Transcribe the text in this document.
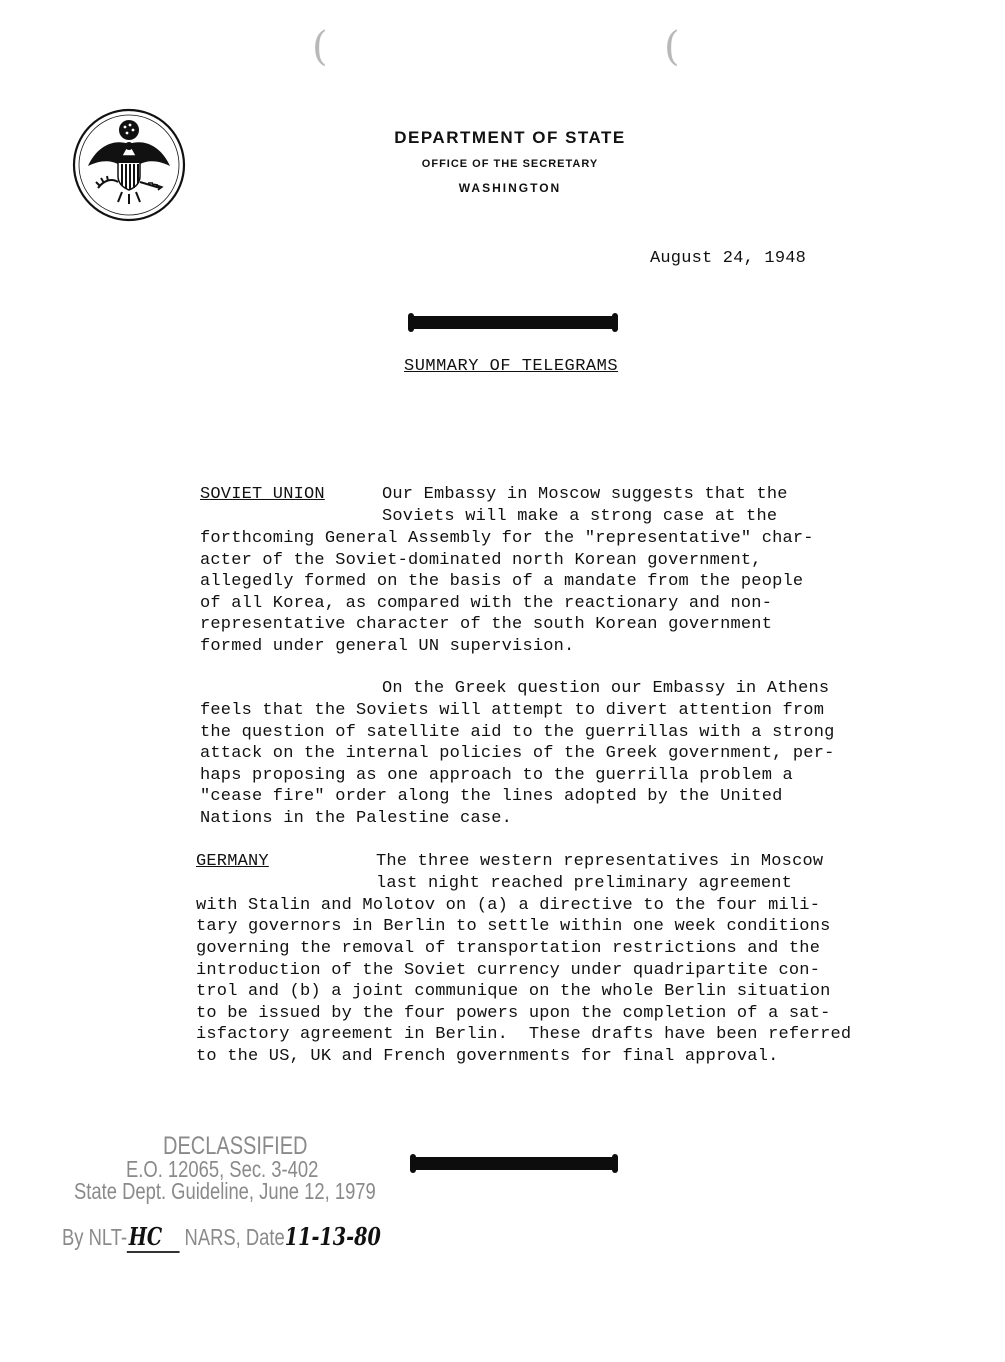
(	(
DEPARTMENT OF STATE
OFFICE OF THE SECRETARY
WASHINGTON
August 24, 1948
SUMMARY OF TELEGRAMS
SOVIET UNION	Our Embassy in Moscow suggests that the
Soviets will make a strong case at the
forthcoming General Assembly for the "representative" char-
acter of the Soviet-dominated north Korean government,
allegedly formed on the basis of a mandate from the people
of all Korea, as compared with the reactionary and non-
representative character of the south Korean government
formed under general UN supervision.
On the Greek question our Embassy in Athens
feels that the Soviets will attempt to divert attention from
the question of satellite aid to the guerrillas with a strong
attack on the internal policies of the Greek government, per-
haps proposing as one approach to the guerrilla problem a
"cease fire" order along the lines adopted by the United
Nations in the Palestine case.
GERMANY	The three western representatives in Moscow
last night reached preliminary agreement
with Stalin and Molotov on (a) a directive to the four mili-
tary governors in Berlin to settle within one week conditions
governing the removal of transportation restrictions and the
introduction of the Soviet currency under quadripartite con-
trol and (b) a joint communique on the whole Berlin situation
to be issued by the four powers upon the completion of a sat-
isfactory agreement in Berlin.  These drafts have been referred
to the US, UK and French governments for final approval.
DECLASSIFIED
E.O. 12065, Sec. 3-402
State Dept. Guideline, June 12, 1979
By NLT-HC NARS, Date11-13-80
